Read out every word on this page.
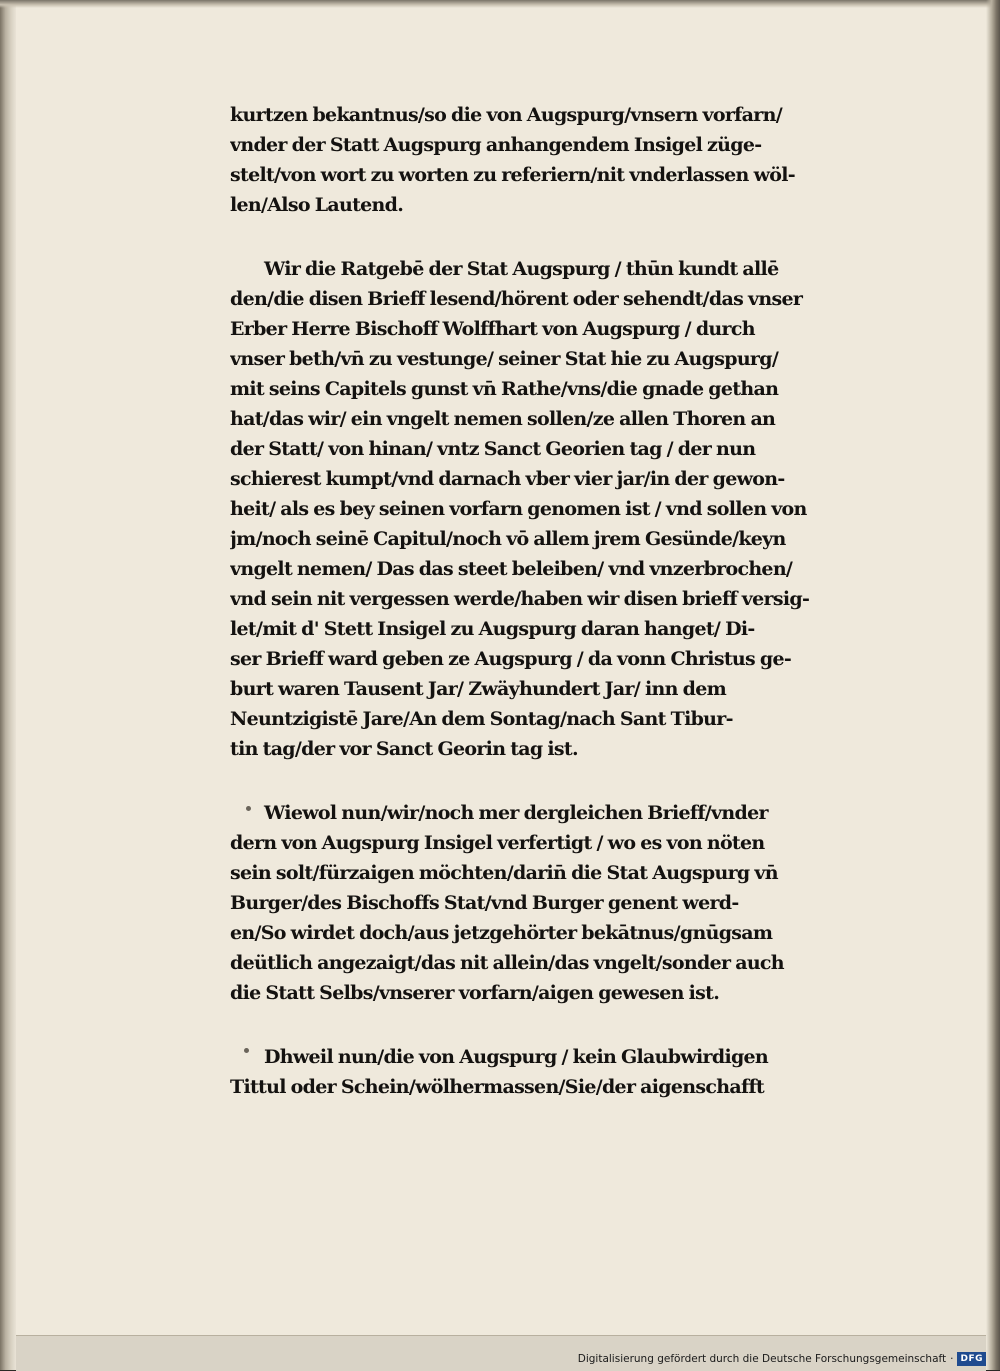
kurtzen bekantnus/so die von Augspurg/vnsern vorfarn/
vnder der Statt Augspurg anhangendem Insigel züge-
stelt/von wort zu worten zu referiern/nit vnderlassen wöl-
len/Also Lautend.
Wir die Ratgebē der Stat Augspurg / thūn kundt allē
den/die disen Brieff lesend/hörent oder sehendt/das vnser
Erber Herre Bischoff Wolffhart von Augspurg / durch
vnser beth/vn̄ zu vestunge/ seiner Stat hie zu Augspurg/
mit seins Capitels gunst vn̄ Rathe/vns/die gnade gethan
hat/das wir/ ein vngelt nemen sollen/ze allen Thoren an
der Statt/ von hinan/ vntz Sanct Georien tag / der nun
schierest kumpt/vnd darnach vber vier jar/in der gewon-
heit/ als es bey seinen vorfarn genomen ist / vnd sollen von
jm/noch seinē Capitul/noch vō allem jrem Gesünde/keyn
vngelt nemen/ Das das steet beleiben/ vnd vnzerbrochen/
vnd sein nit vergessen werde/haben wir disen brieff versig-
let/mit d' Stett Insigel zu Augspurg daran hanget/ Di-
ser Brieff ward geben ze Augspurg / da vonn Christus ge-
burt waren Tausent Jar/ Zwäyhundert Jar/ inn dem
Neuntzigistē Jare/An dem Sontag/nach Sant Tibur-
tin tag/der vor Sanct Georin tag ist.
Wiewol nun/wir/noch mer dergleichen Brieff/vnder
dern von Augspurg Insigel verfertigt / wo es von nöten
sein solt/fürzaigen möchten/darin̄ die Stat Augspurg vn̄
Burger/des Bischoffs Stat/vnd Burger genent werd-
en/So wirdet doch/aus jetzgehörter bekātnus/gnūgsam
deütlich angezaigt/das nit allein/das vngelt/sonder auch
die Statt Selbs/vnserer vorfarn/aigen gewesen ist.
Dhweil nun/die von Augspurg / kein Glaubwirdigen
Tittul oder Schein/wölhermassen/Sie/der aigenschafft
Digitalisierung gefördert durch die Deutsche Forschungsgemeinschaft · DFG
